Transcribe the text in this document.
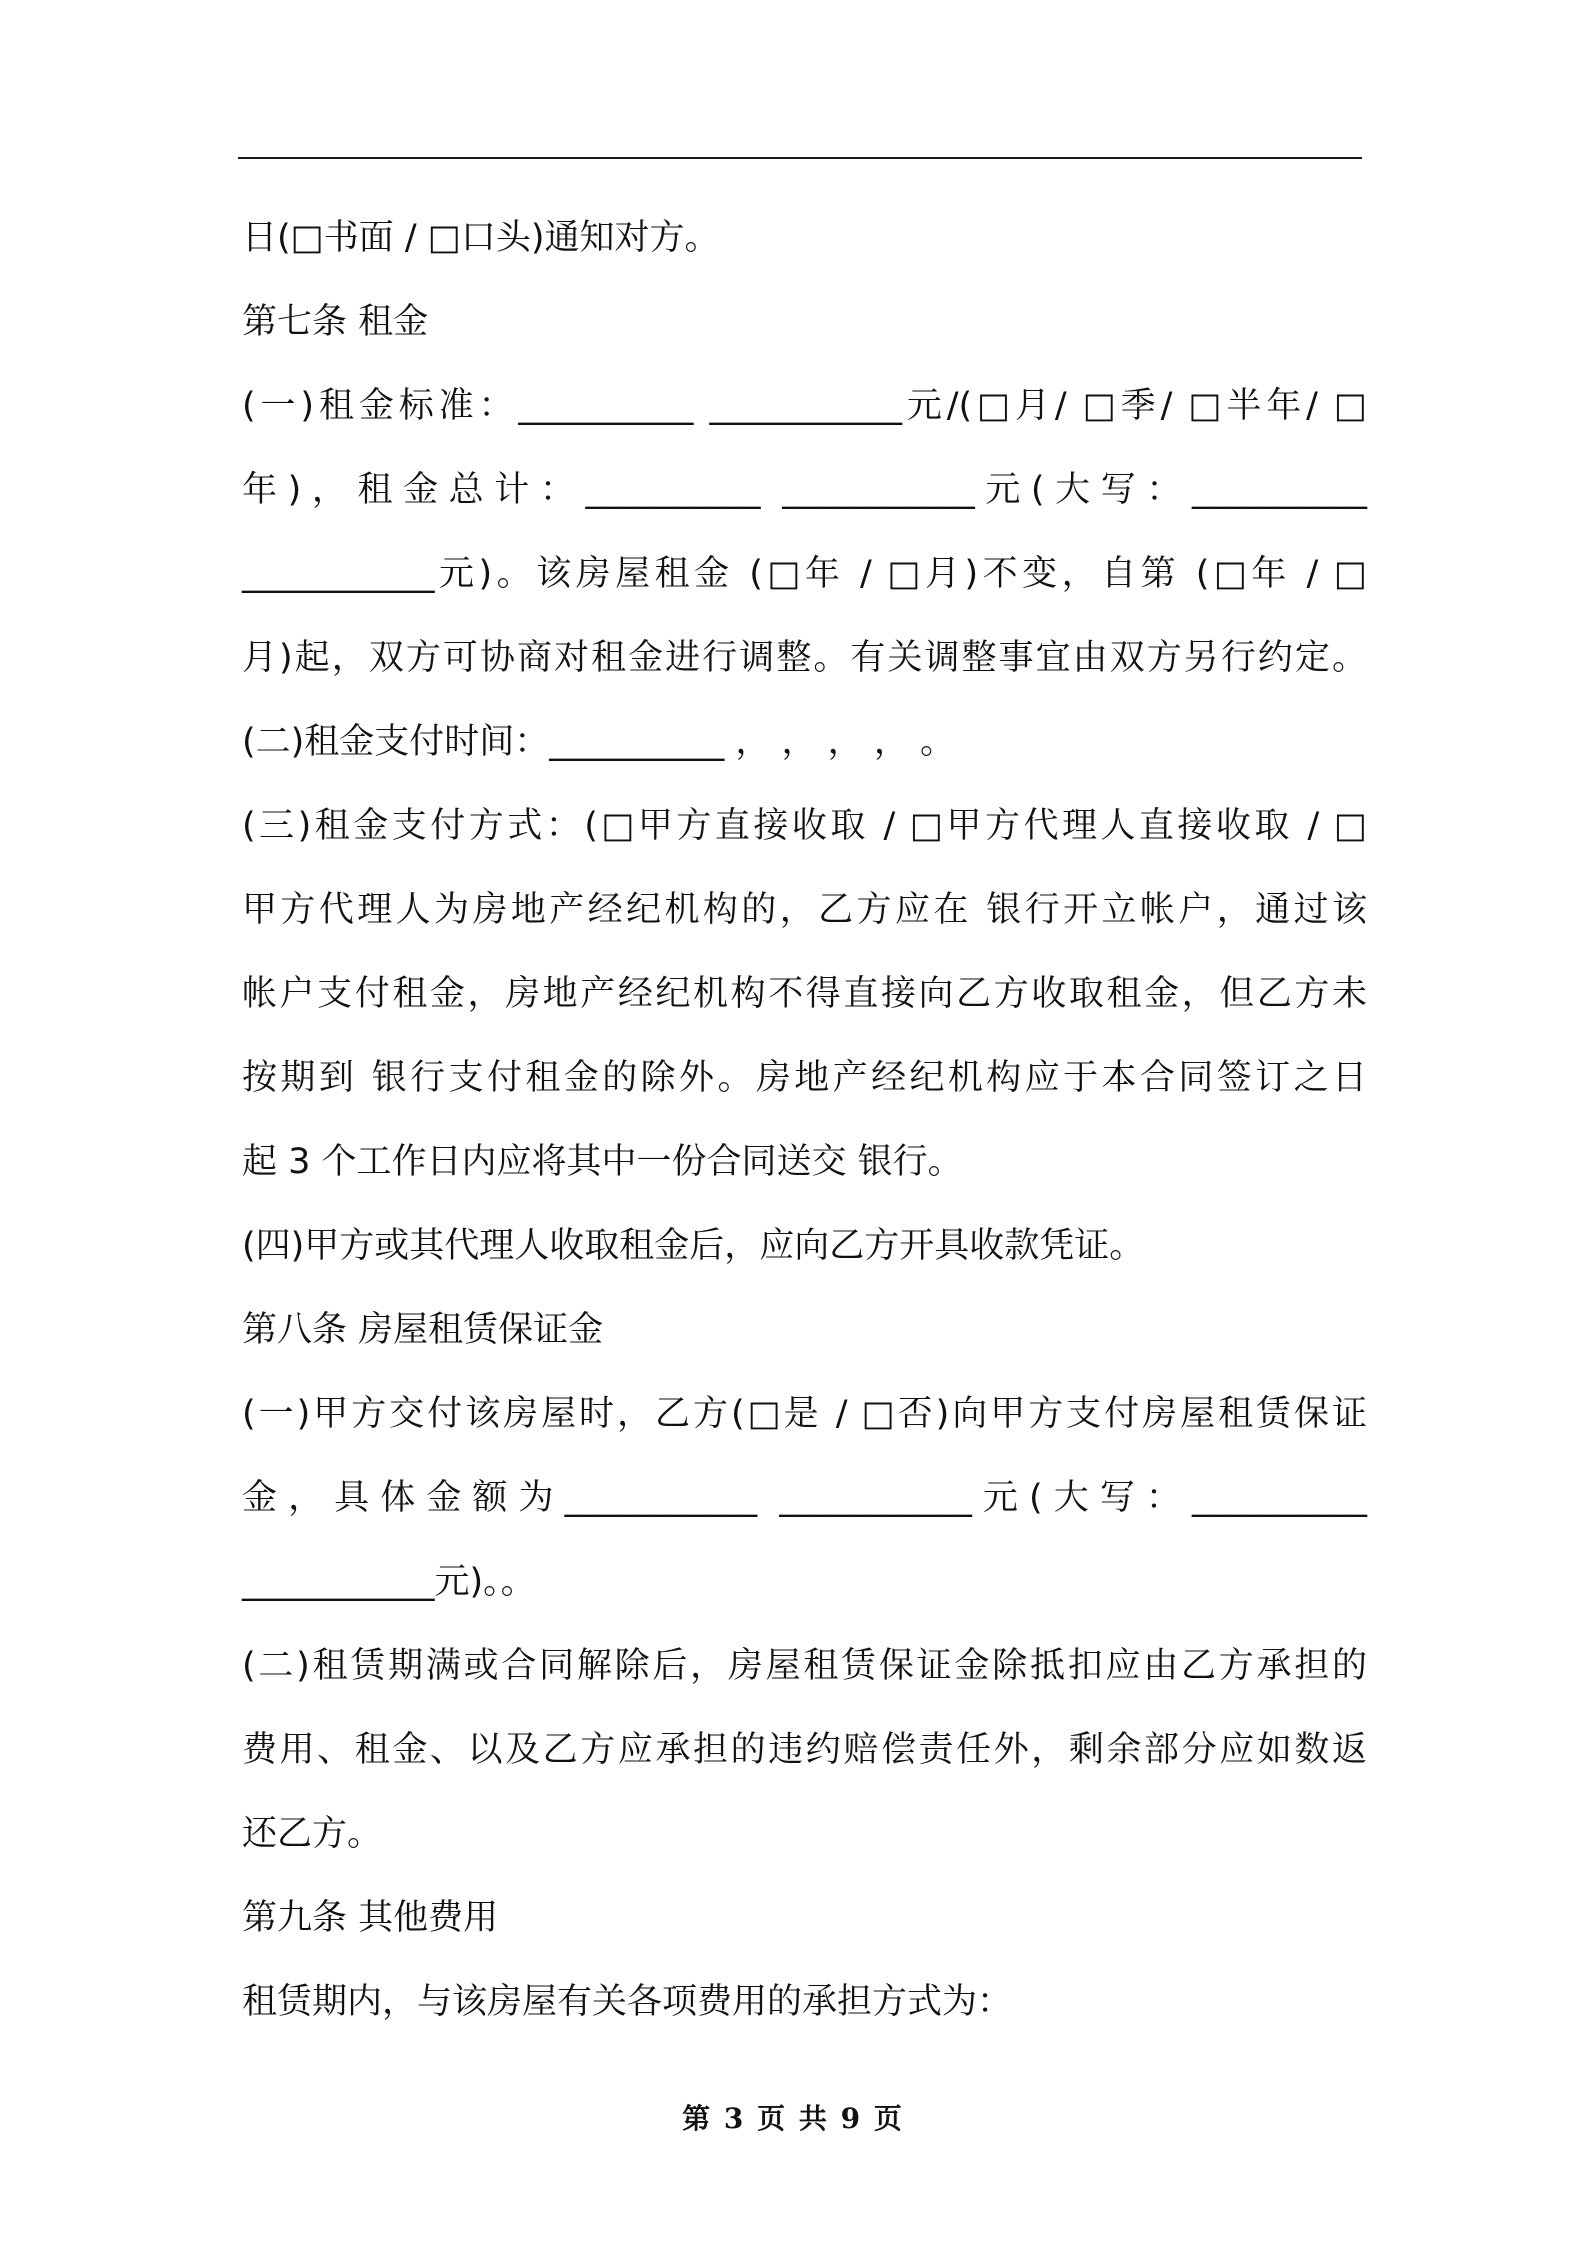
日(□书面 / □口头)通知对方。
第七条 租金
(一)租金标准：__________ ___________元/(□月/ □季/ □半年/ □
年)，租金总计：__________ ___________元(大写：__________
___________元)。该房屋租金 (□年 / □月)不变，自第 (□年 / □
月)起，双方可协商对租金进行调整。有关调整事宜由双方另行约定。
(二)租金支付时间：__________ ， ， ， ， 。
(三)租金支付方式：(□甲方直接收取 / □甲方代理人直接收取 / □
甲方代理人为房地产经纪机构的，乙方应在 银行开立帐户，通过该
帐户支付租金，房地产经纪机构不得直接向乙方收取租金，但乙方未
按期到 银行支付租金的除外。房地产经纪机构应于本合同签订之日
起 3 个工作日内应将其中一份合同送交 银行。
(四)甲方或其代理人收取租金后，应向乙方开具收款凭证。
第八条 房屋租赁保证金
(一)甲方交付该房屋时，乙方(□是 / □否)向甲方支付房屋租赁保证
金，具体金额为___________ ___________元(大写：__________
___________元)。。
(二)租赁期满或合同解除后，房屋租赁保证金除抵扣应由乙方承担的
费用、租金、以及乙方应承担的违约赔偿责任外，剩余部分应如数返
还乙方。
第九条 其他费用
租赁期内，与该房屋有关各项费用的承担方式为：
第 3 页 共 9 页
